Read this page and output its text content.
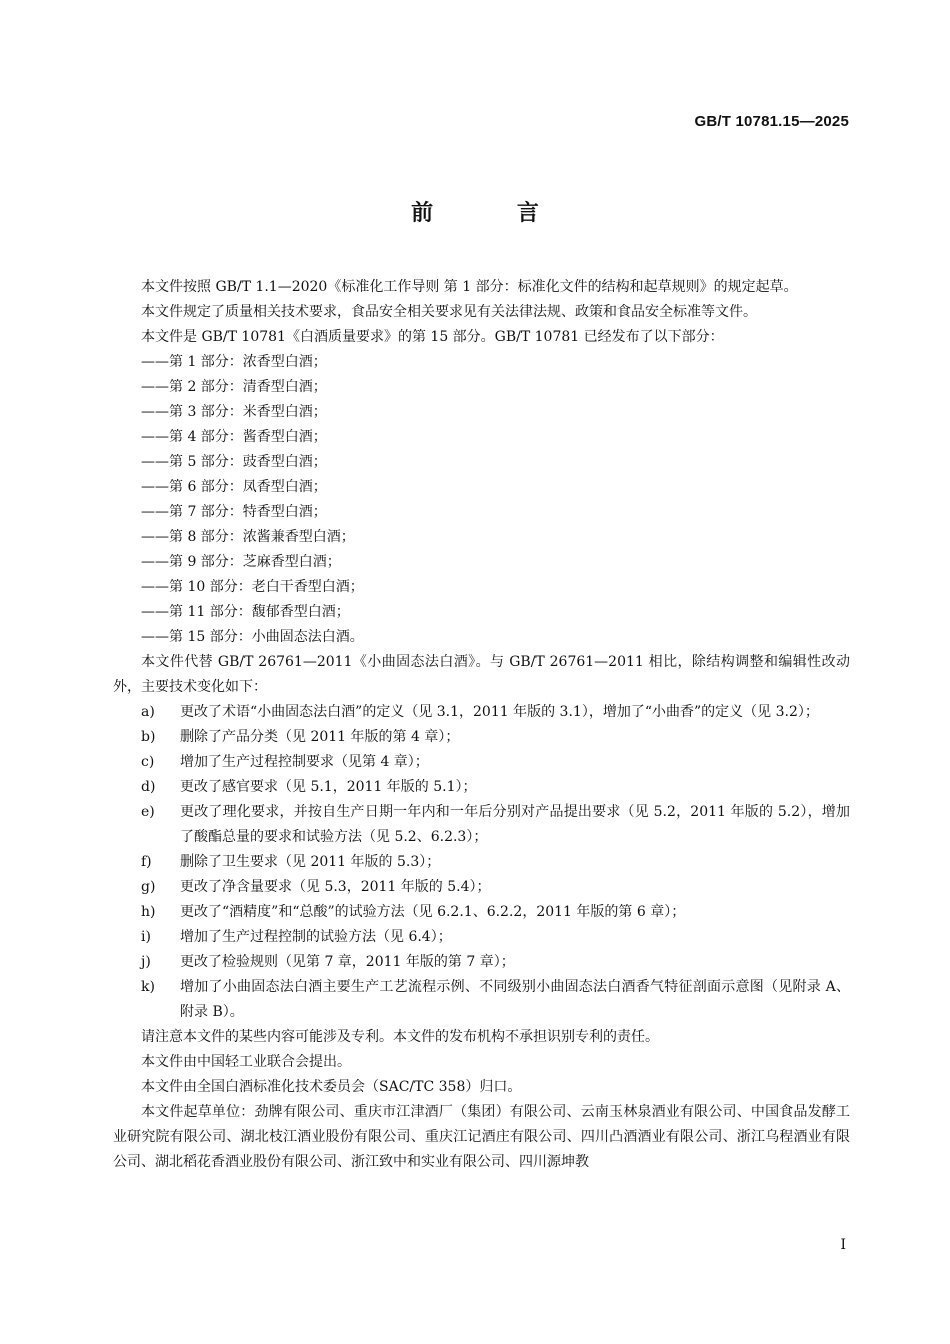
GB/T 10781.15—2025
前 言

本文件按照 GB/T 1.1—2020《标准化工作导则 第 1 部分：标准化文件的结构和起草规则》的规定起草。

本文件规定了质量相关技术要求，食品安全相关要求见有关法律法规、政策和食品安全标准等文件。

本文件是 GB/T 10781《白酒质量要求》的第 15 部分。GB/T 10781 已经发布了以下部分：

——第 1 部分：浓香型白酒；

——第 2 部分：清香型白酒；

——第 3 部分：米香型白酒；

——第 4 部分：酱香型白酒；

——第 5 部分：豉香型白酒；

——第 6 部分：凤香型白酒；

——第 7 部分：特香型白酒；

——第 8 部分：浓酱兼香型白酒；

——第 9 部分：芝麻香型白酒；

——第 10 部分：老白干香型白酒；

——第 11 部分：馥郁香型白酒；

——第 15 部分：小曲固态法白酒。

本文件代替 GB/T 26761—2011《小曲固态法白酒》。与 GB/T 26761—2011 相比，除结构调整和编辑性改动外，主要技术变化如下：

a)	更改了术语“小曲固态法白酒”的定义（见 3.1，2011 年版的 3.1），增加了“小曲香”的定义（见 3.2）；
b)	删除了产品分类（见 2011 年版的第 4 章）；
c)	增加了生产过程控制要求（见第 4 章）；
d)	更改了感官要求（见 5.1，2011 年版的 5.1）；
e)	更改了理化要求，并按自生产日期一年内和一年后分别对产品提出要求（见 5.2，2011 年版的 5.2），增加了酸酯总量的要求和试验方法（见 5.2、6.2.3）；
f)	删除了卫生要求（见 2011 年版的 5.3）；
g)	更改了净含量要求（见 5.3，2011 年版的 5.4）；
h)	更改了“酒精度”和“总酸”的试验方法（见 6.2.1、6.2.2，2011 年版的第 6 章）；
i)	增加了生产过程控制的试验方法（见 6.4）；
j)	更改了检验规则（见第 7 章，2011 年版的第 7 章）；
k)	增加了小曲固态法白酒主要生产工艺流程示例、不同级别小曲固态法白酒香气特征剖面示意图（见附录 A、附录 B）。

请注意本文件的某些内容可能涉及专利。本文件的发布机构不承担识别专利的责任。

本文件由中国轻工业联合会提出。

本文件由全国白酒标准化技术委员会（SAC/TC 358）归口。

本文件起草单位：劲牌有限公司、重庆市江津酒厂（集团）有限公司、云南玉林泉酒业有限公司、中国食品发酵工业研究院有限公司、湖北枝江酒业股份有限公司、重庆江记酒庄有限公司、四川凸酒酒业有限公司、浙江乌程酒业有限公司、湖北稻花香酒业股份有限公司、浙江致中和实业有限公司、四川源坤教

I
